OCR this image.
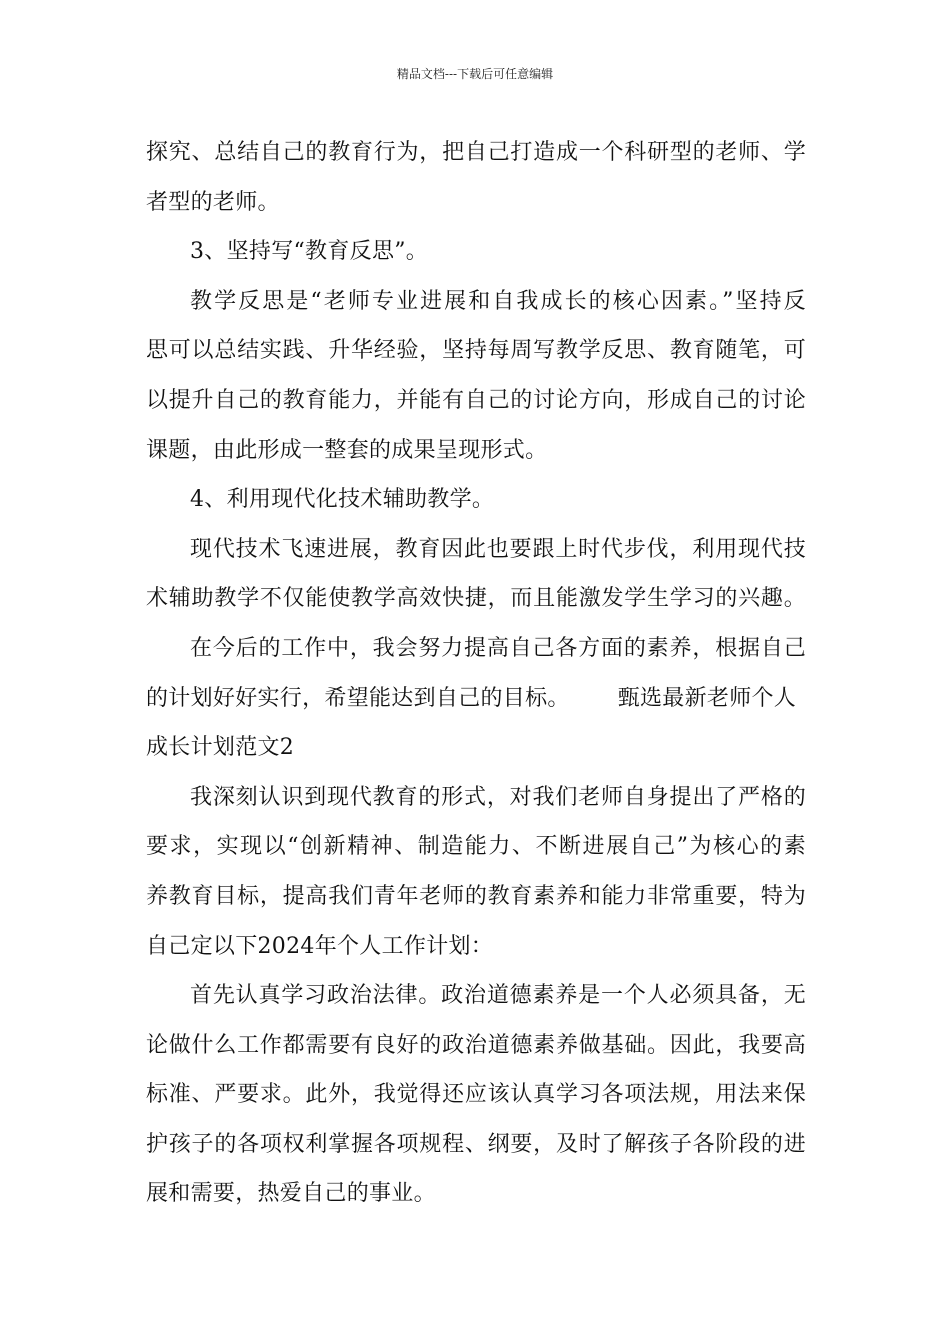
精品文档---下载后可任意编辑
探究、总结自己的教育行为，把自己打造成一个科研型的老师、学
者型的老师。
3、坚持写“教育反思”。
教学反思是“老师专业进展和自我成长的核心因素。”坚持反
思可以总结实践、升华经验，坚持每周写教学反思、教育随笔，可
以提升自己的教育能力，并能有自己的讨论方向，形成自己的讨论
课题，由此形成一整套的成果呈现形式。
4、利用现代化技术辅助教学。
现代技术飞速进展，教育因此也要跟上时代步伐，利用现代技
术辅助教学不仅能使教学高效快捷，而且能激发学生学习的兴趣。
在今后的工作中，我会努力提高自己各方面的素养，根据自己
的计划好好实行，希望能达到自己的目标。 甄选最新老师个人
成长计划范文2
我深刻认识到现代教育的形式，对我们老师自身提出了严格的
要求，实现以“创新精神、制造能力、不断进展自己”为核心的素
养教育目标，提高我们青年老师的教育素养和能力非常重要，特为
自己定以下2024年个人工作计划：
首先认真学习政治法律。政治道德素养是一个人必须具备，无
论做什么工作都需要有良好的政治道德素养做基础。因此，我要高
标准、严要求。此外，我觉得还应该认真学习各项法规，用法来保
护孩子的各项权利掌握各项规程、纲要，及时了解孩子各阶段的进
展和需要，热爱自己的事业。
